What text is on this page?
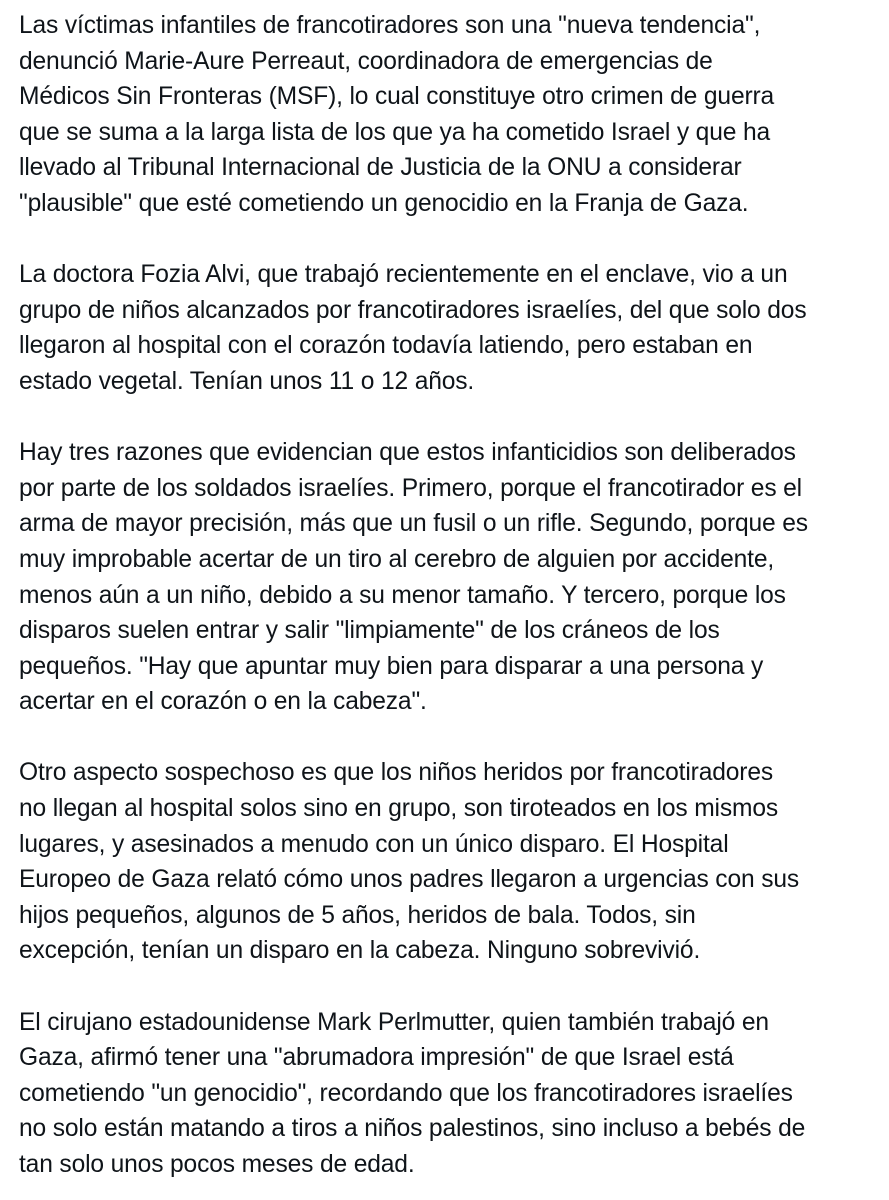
Las víctimas infantiles de francotiradores son una "nueva tendencia",
denunció Marie-Aure Perreaut, coordinadora de emergencias de
Médicos Sin Fronteras (MSF), lo cual constituye otro crimen de guerra
que se suma a la larga lista de los que ya ha cometido Israel y que ha
llevado al Tribunal Internacional de Justicia de la ONU a considerar
"plausible" que esté cometiendo un genocidio en la Franja de Gaza.

La doctora Fozia Alvi, que trabajó recientemente en el enclave, vio a un
grupo de niños alcanzados por francotiradores israelíes, del que solo dos
llegaron al hospital con el corazón todavía latiendo, pero estaban en
estado vegetal. Tenían unos 11 o 12 años.

Hay tres razones que evidencian que estos infanticidios son deliberados
por parte de los soldados israelíes. Primero, porque el francotirador es el
arma de mayor precisión, más que un fusil o un rifle. Segundo, porque es
muy improbable acertar de un tiro al cerebro de alguien por accidente,
menos aún a un niño, debido a su menor tamaño. Y tercero, porque los
disparos suelen entrar y salir "limpiamente" de los cráneos de los
pequeños. "Hay que apuntar muy bien para disparar a una persona y
acertar en el corazón o en la cabeza".

Otro aspecto sospechoso es que los niños heridos por francotiradores
no llegan al hospital solos sino en grupo, son tiroteados en los mismos
lugares, y asesinados a menudo con un único disparo. El Hospital
Europeo de Gaza relató cómo unos padres llegaron a urgencias con sus
hijos pequeños, algunos de 5 años, heridos de bala. Todos, sin
excepción, tenían un disparo en la cabeza. Ninguno sobrevivió.

El cirujano estadounidense Mark Perlmutter, quien también trabajó en
Gaza, afirmó tener una "abrumadora impresión" de que Israel está
cometiendo "un genocidio", recordando que los francotiradores israelíes
no solo están matando a tiros a niños palestinos, sino incluso a bebés de
tan solo unos pocos meses de edad.
